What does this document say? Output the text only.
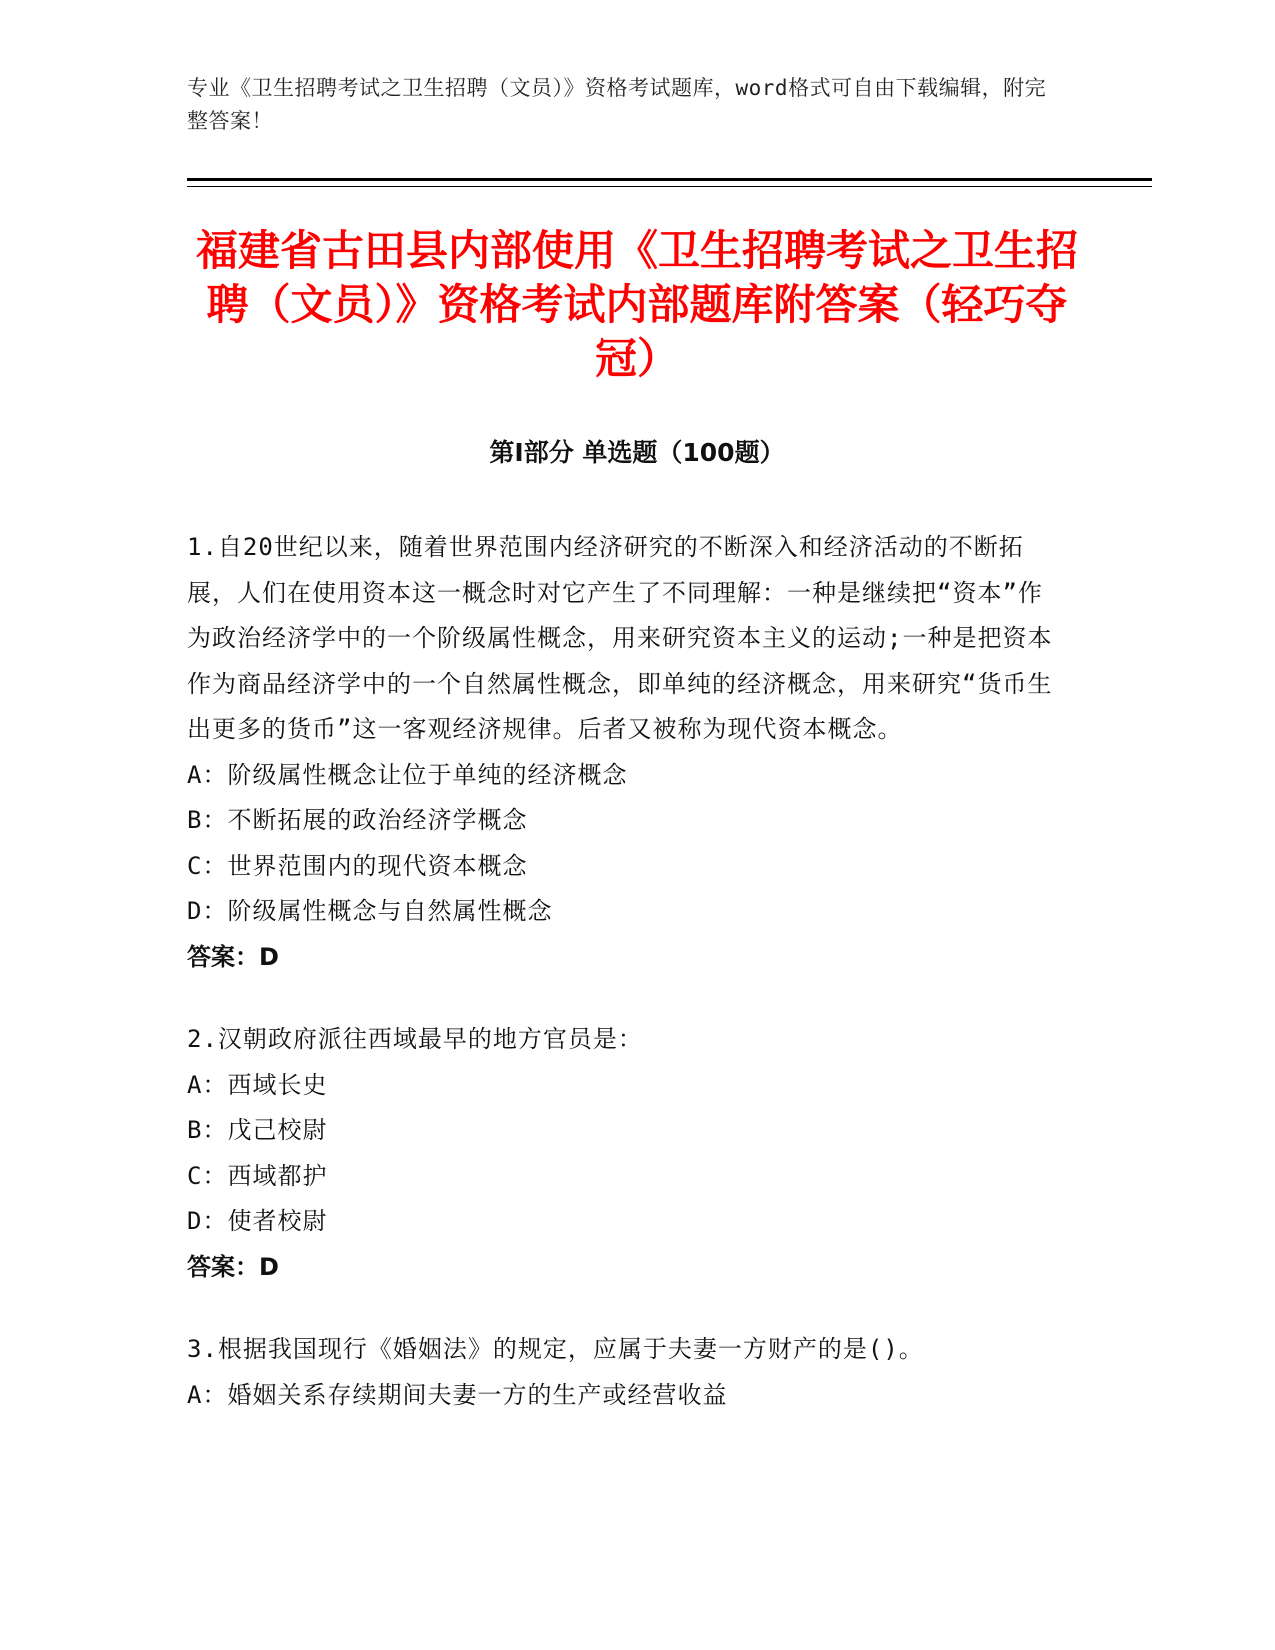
专业《卫生招聘考试之卫生招聘（文员）》资格考试题库，word格式可自由下载编辑，附完整答案！
福建省古田县内部使用《卫生招聘考试之卫生招聘（文员）》资格考试内部题库附答案（轻巧夺冠）
第Ⅰ部分 单选题（100题）

1.自20世纪以来，随着世界范围内经济研究的不断深入和经济活动的不断拓展，人们在使用资本这一概念时对它产生了不同理解：一种是继续把“资本”作为政治经济学中的一个阶级属性概念，用来研究资本主义的运动;一种是把资本作为商品经济学中的一个自然属性概念，即单纯的经济概念，用来研究“货币生出更多的货币”这一客观经济规律。后者又被称为现代资本概念。

A：阶级属性概念让位于单纯的经济概念

B：不断拓展的政治经济学概念

C：世界范围内的现代资本概念

D：阶级属性概念与自然属性概念

答案：D

2.汉朝政府派往西域最早的地方官员是：

A：西域长史

B：戊己校尉

C：西域都护

D：使者校尉

答案：D

3.根据我国现行《婚姻法》的规定，应属于夫妻一方财产的是()。

A：婚姻关系存续期间夫妻一方的生产或经营收益
